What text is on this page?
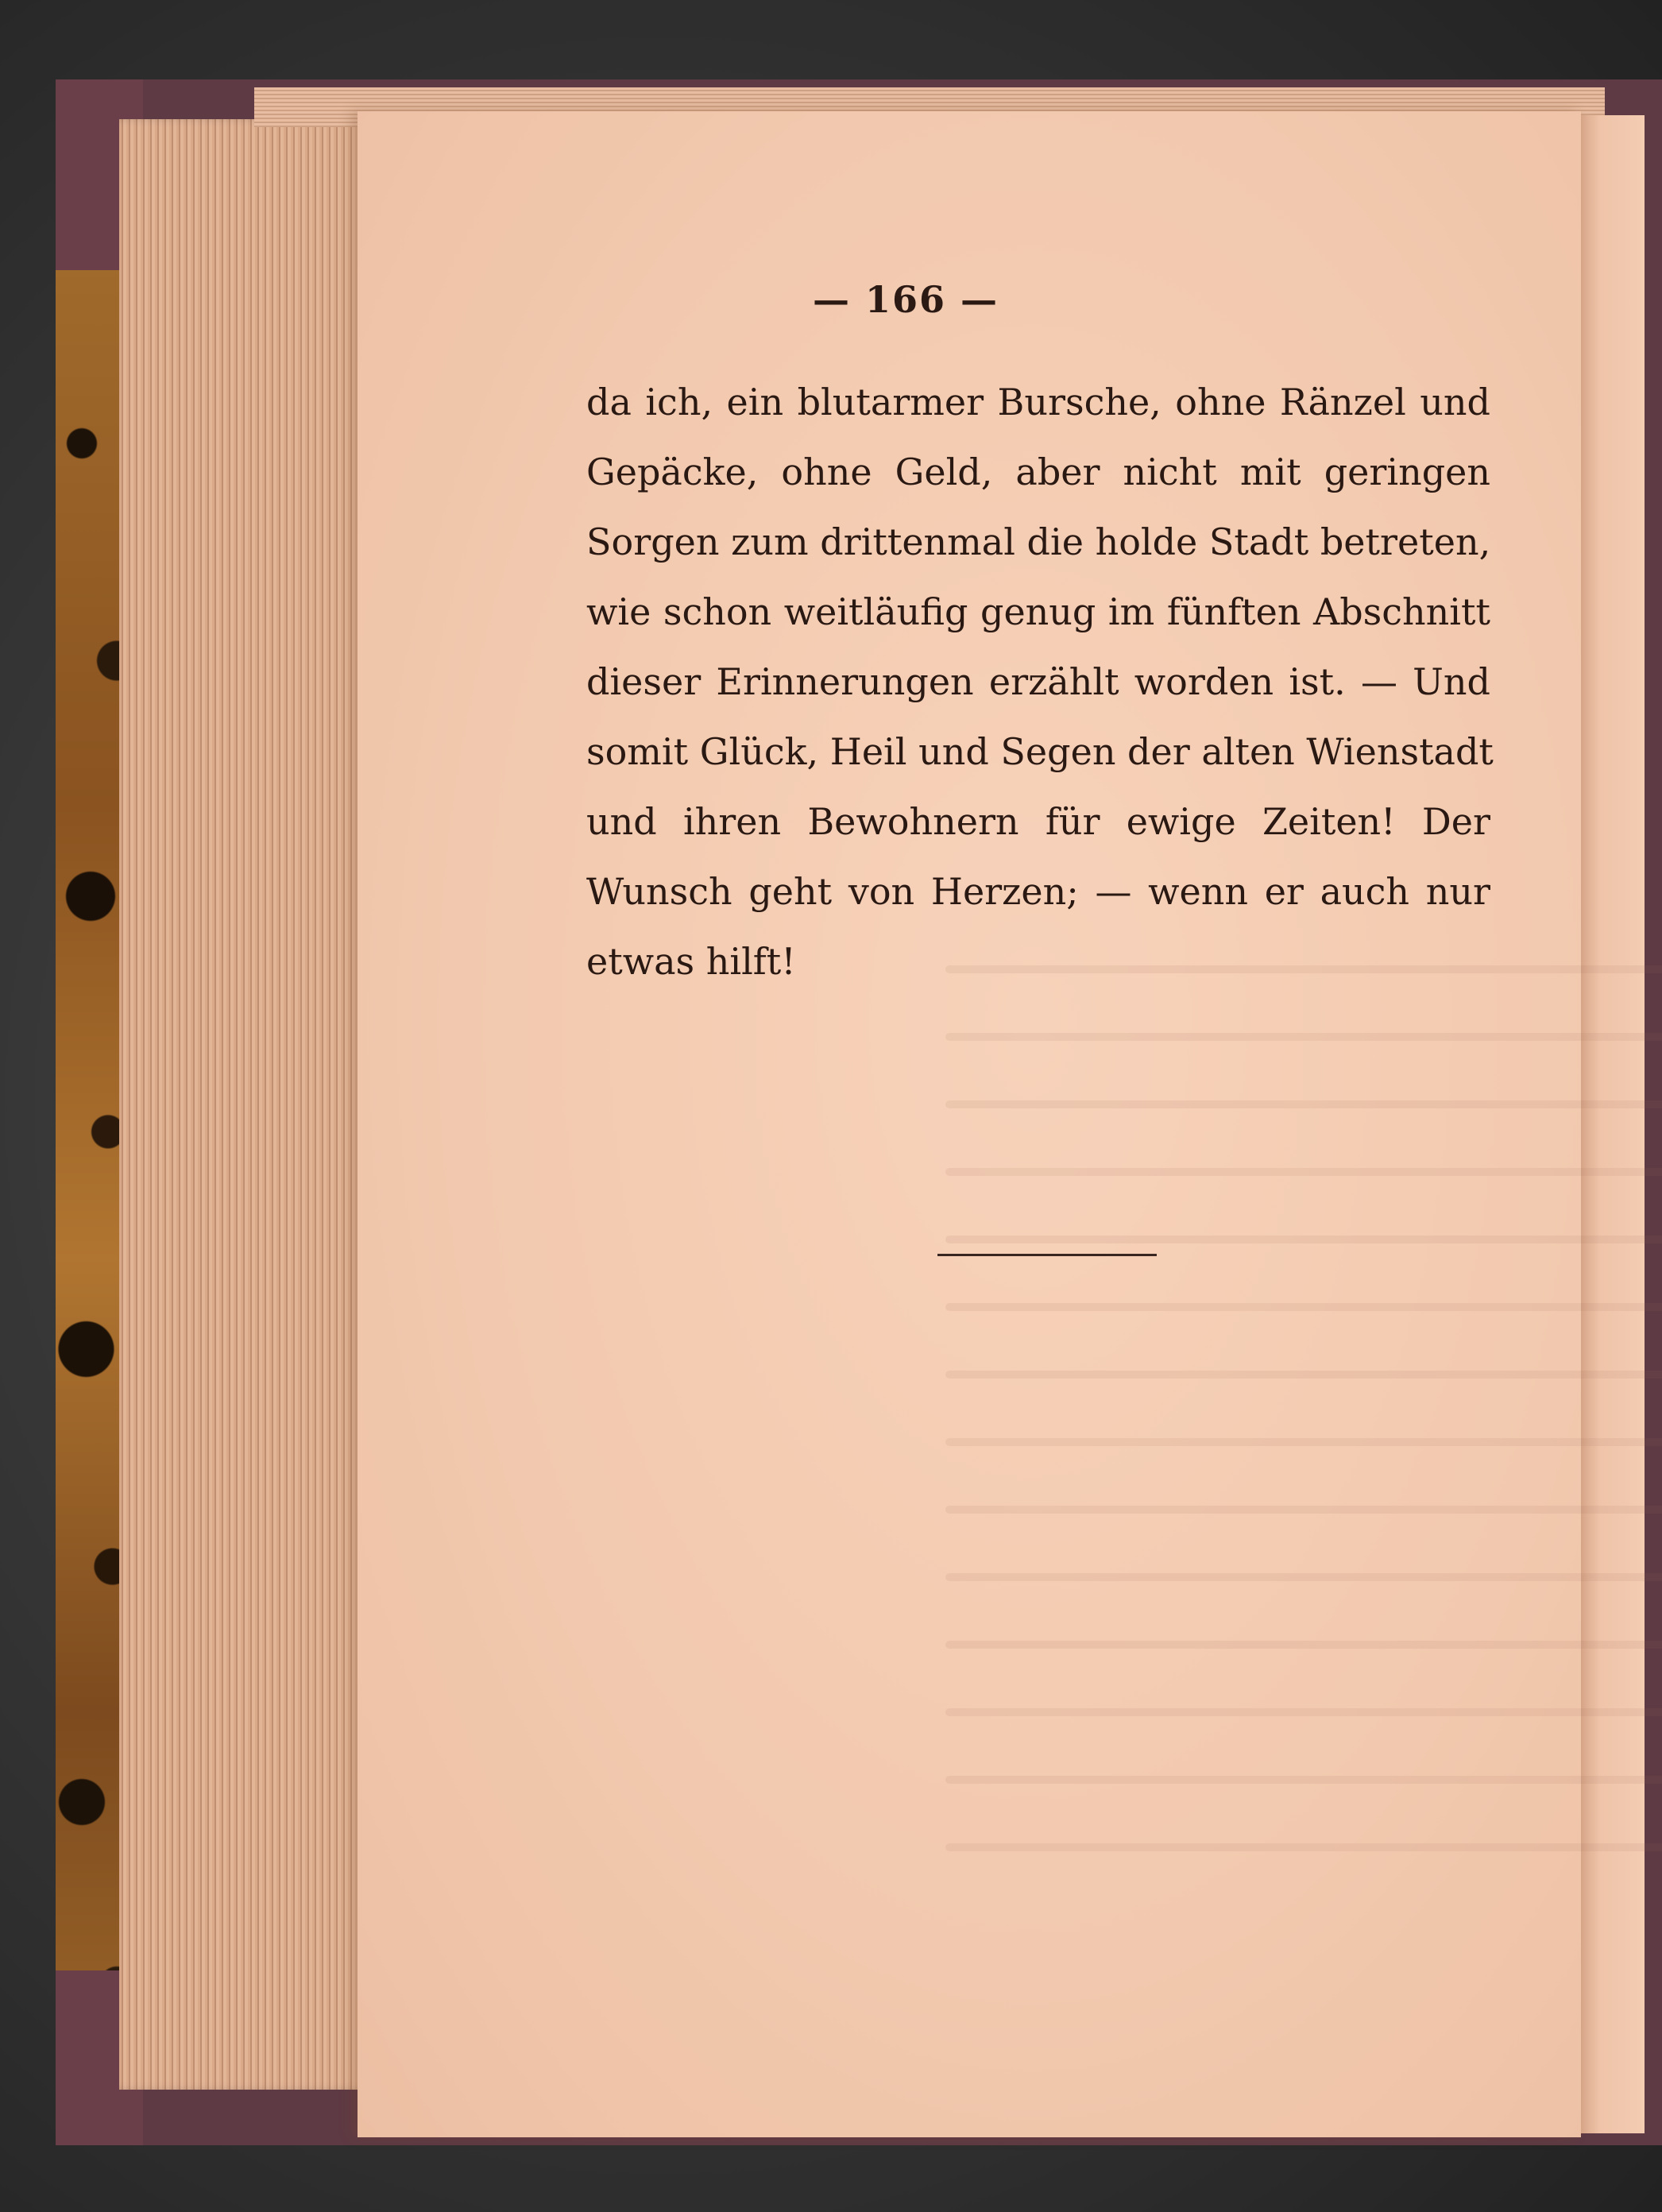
— 166 —
da ich, ein blutarmer Bursche, ohne Ränzel und
Gepäcke, ohne Geld, aber nicht mit geringen
Sorgen zum drittenmal die holde Stadt betreten,
wie schon weitläufig genug im fünften Abschnitt
dieser Erinnerungen erzählt worden ist. — Und
somit Glück, Heil und Segen der alten Wienstadt
und ihren Bewohnern für ewige Zeiten! Der
Wunsch geht von Herzen; — wenn er auch nur
etwas hilft!
